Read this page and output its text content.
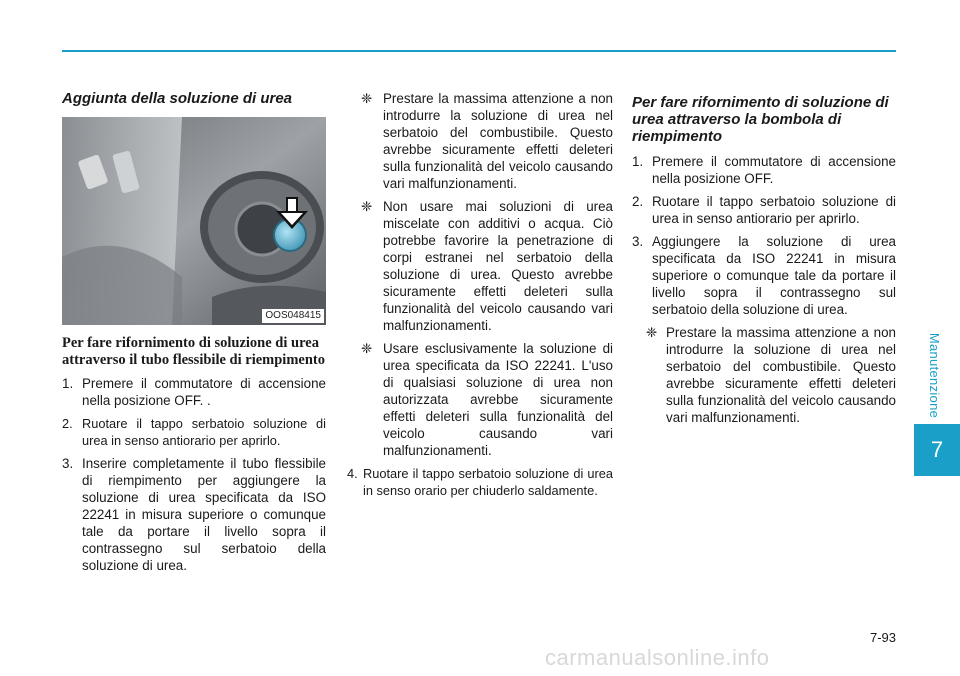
Manutenzione
7
Aggiunta della soluzione di urea
OOS048415
Per fare rifornimento di soluzione di urea attraverso il tubo flessibile di riempimento
1. Premere il commutatore di accensione nella posizione OFF. .
2. Ruotare il tappo serbatoio soluzione di urea in senso antiorario per aprirlo.
3. Inserire completamente il tubo flessibile di riempimento per aggiungere la soluzione di urea specificata da ISO 22241 in misura superiore o comunque tale da portare il livello sopra il contrassegno sul serbatoio della soluzione di urea.
❈ Prestare la massima attenzione a non introdurre la soluzione di urea nel serbatoio del combustibile. Questo avrebbe sicuramente effetti deleteri sulla funzionalità del veicolo causando vari malfunzionamenti.
❈ Non usare mai soluzioni di urea miscelate con additivi o acqua. Ciò potrebbe favorire la penetrazione di corpi estranei nel serbatoio della soluzione di urea. Questo avrebbe sicuramente effetti deleteri sulla funzionalità del veicolo causando vari malfunzionamenti.
❈ Usare esclusivamente la soluzione di urea specificata da ISO 22241. L'uso di qualsiasi soluzione di urea non autorizzata avrebbe sicuramente effetti deleteri sulla funzionalità del veicolo causando vari malfunzionamenti.
4. Ruotare il tappo serbatoio soluzione di urea in senso orario per chiuderlo saldamente.
Per fare rifornimento di soluzione di urea attraverso la bombola di riempimento
1. Premere il commutatore di accensione nella posizione OFF.
2. Ruotare il tappo serbatoio soluzione di urea in senso antiorario per aprirlo.
3. Aggiungere la soluzione di urea specificata da ISO 22241 in misura superiore o comunque tale da portare il livello sopra il contrassegno sul serbatoio della soluzione di urea.
❈ Prestare la massima attenzione a non introdurre la soluzione di urea nel serbatoio del combustibile. Questo avrebbe sicuramente effetti deleteri sulla funzionalità del veicolo causando vari malfunzionamenti.
7-93
carmanualsonline.info
